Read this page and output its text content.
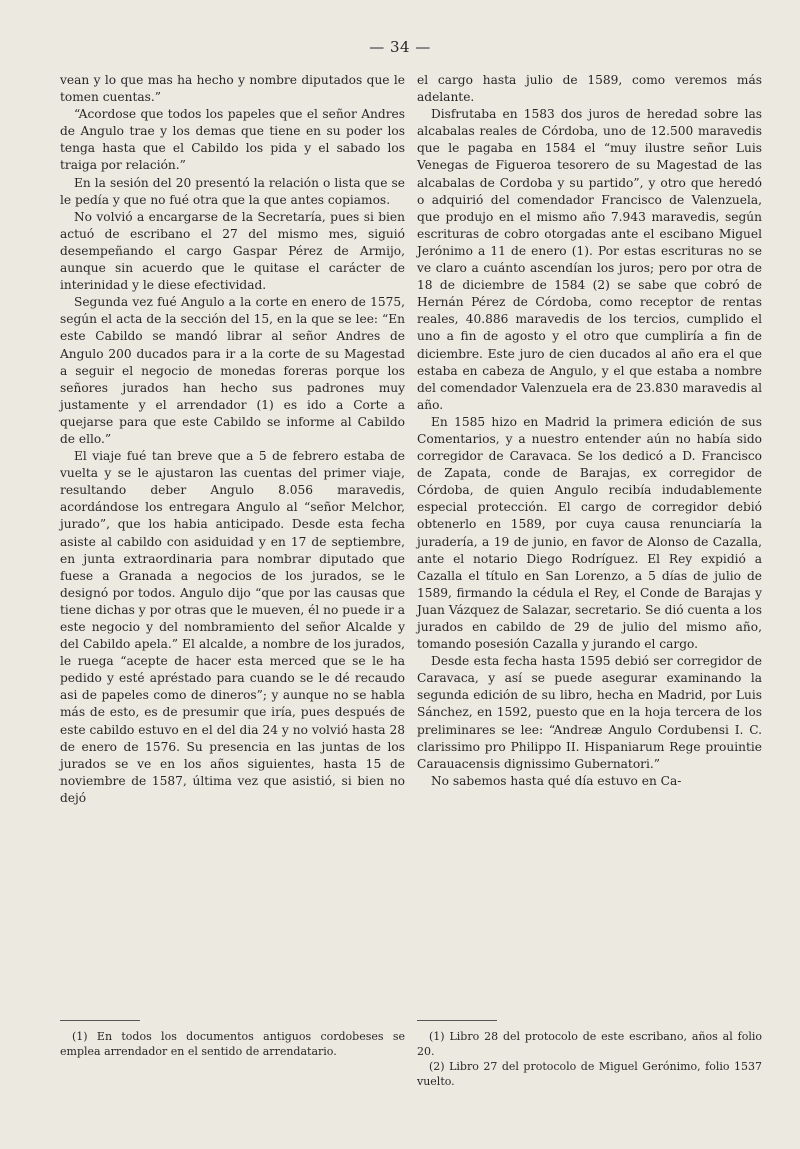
— 34 —

vean y lo que mas ha hecho y nombre diputados que le tomen cuentas.”

“Acordose que todos los papeles que el señor Andres de Angulo trae y los demas que tiene en su poder los tenga hasta que el Cabildo los pida y el sabado los traiga por relación.”

En la sesión del 20 presentó la relación o lista que se le pedía y que no fué otra que la que antes copiamos.

No volvió a encargarse de la Secretaría, pues si bien actuó de escribano el 27 del mismo mes, siguió desempeñando el cargo Gaspar Pérez de Armijo, aunque sin acuerdo que le quitase el carácter de interinidad y le diese efectividad.

Segunda vez fué Angulo a la corte en enero de 1575, según el acta de la sección del 15, en la que se lee: “En este Cabildo se mandó librar al señor Andres de Angulo 200 ducados para ir a la corte de su Magestad a seguir el negocio de monedas foreras porque los señores jurados han hecho sus padrones muy justamente y el arrendador (1) es ido a Corte a quejarse para que este Cabildo se informe al Cabildo de ello.”

El viaje fué tan breve que a 5 de febrero estaba de vuelta y se le ajustaron las cuentas del primer viaje, resultando deber Angulo 8.056 maravedis, acordándose los entregara Angulo al “señor Melchor, jurado”, que los habia anticipado. Desde esta fecha asiste al cabildo con asiduidad y en 17 de septiembre, en junta extraordinaria para nombrar diputado que fuese a Granada a negocios de los jurados, se le designó por todos. Angulo dijo “que por las causas que tiene dichas y por otras que le mueven, él no puede ir a este negocio y del nombramiento del señor Alcalde y del Cabildo apela.” El alcalde, a nombre de los jurados, le ruega “acepte de hacer esta merced que se le ha pedido y esté apréstado para cuando se le dé recaudo asi de papeles como de dineros”; y aunque no se habla más de esto, es de presumir que iría, pues después de este cabildo estuvo en el del dia 24 y no volvió hasta 28 de enero de 1576. Su presencia en las juntas de los jurados se ve en los años siguientes, hasta 15 de noviembre de 1587, última vez que asistió, si bien no dejó

el cargo hasta julio de 1589, como veremos más adelante.

Disfrutaba en 1583 dos juros de heredad sobre las alcabalas reales de Córdoba, uno de 12.500 maravedis que le pagaba en 1584 el “muy ilustre señor Luis Venegas de Figueroa tesorero de su Magestad de las alcabalas de Cordoba y su partido”, y otro que heredó o adquirió del comendador Francisco de Valenzuela, que produjo en el mismo año 7.943 maravedis, según escrituras de cobro otorgadas ante el escibano Miguel Jerónimo a 11 de enero (1). Por estas escrituras no se ve claro a cuánto ascendían los juros; pero por otra de 18 de diciembre de 1584 (2) se sabe que cobró de Hernán Pérez de Córdoba, como receptor de rentas reales, 40.886 maravedis de los tercios, cumplido el uno a fin de agosto y el otro que cumpliría a fin de diciembre. Este juro de cien ducados al año era el que estaba en cabeza de Angulo, y el que estaba a nombre del comendador Valenzuela era de 23.830 maravedis al año.

En 1585 hizo en Madrid la primera edición de sus Comentarios, y a nuestro entender aún no había sido corregidor de Caravaca. Se los dedicó a D. Francisco de Zapata, conde de Barajas, ex corregidor de Córdoba, de quien Angulo recibía indudablemente especial protección. El cargo de corregidor debió obtenerlo en 1589, por cuya causa renunciaría la juradería, a 19 de junio, en favor de Alonso de Cazalla, ante el notario Diego Rodríguez. El Rey expidió a Cazalla el título en San Lorenzo, a 5 días de julio de 1589, firmando la cédula el Rey, el Conde de Barajas y Juan Vázquez de Salazar, secretario. Se dió cuenta a los jurados en cabildo de 29 de julio del mismo año, tomando posesión Cazalla y jurando el cargo.

Desde esta fecha hasta 1595 debió ser corregidor de Caravaca, y así se puede asegurar examinando la segunda edición de su libro, hecha en Madrid, por Luis Sánchez, en 1592, puesto que en la hoja tercera de los preliminares se lee: “Andreæ Angulo Cordubensi I. C. clarissimo pro Philippo II. Hispaniarum Rege prouintie Carauacensis dignissimo Gubernatori.”

No sabemos hasta qué día estuvo en Ca-

(1) En todos los documentos antiguos cordobeses se emplea arrendador en el sentido de arrendatario.

(1) Libro 28 del protocolo de este escribano, años al folio 20.

(2) Libro 27 del protocolo de Miguel Gerónimo, folio 1537 vuelto.
